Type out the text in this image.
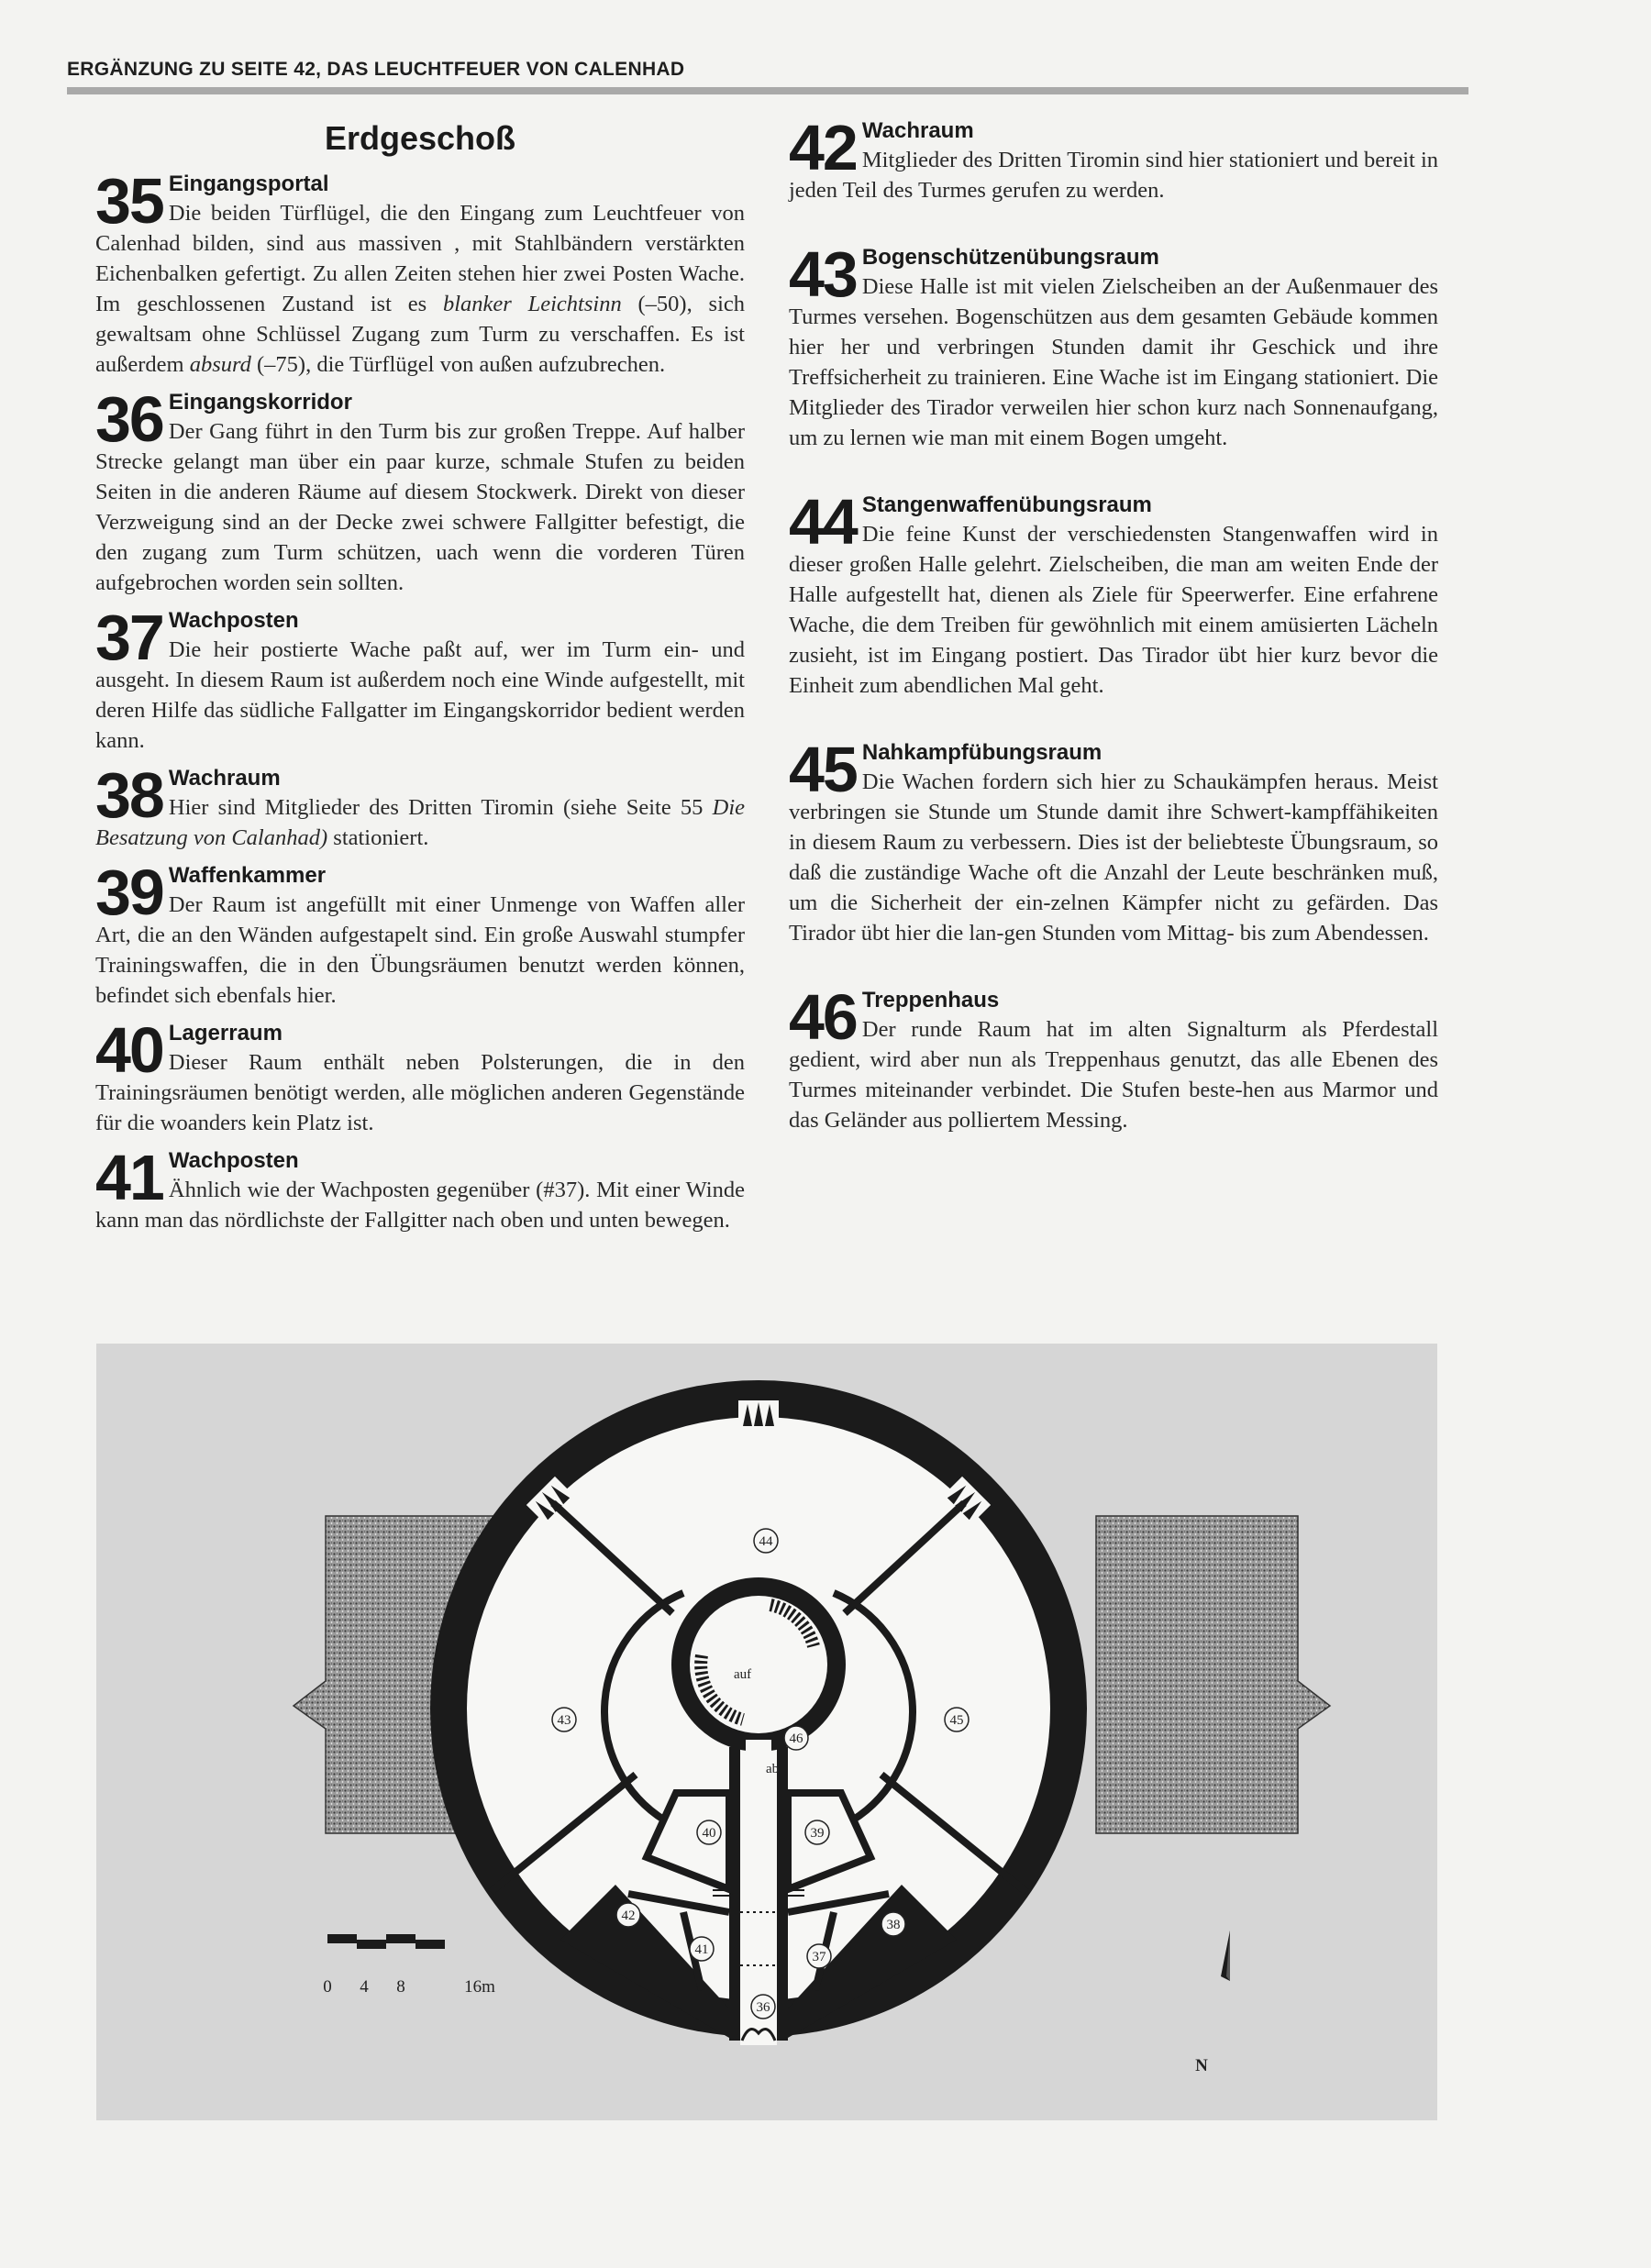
ERGÄNZUNG ZU SEITE 42, DAS LEUCHTFEUER VON CALENHAD
Erdgeschoß
35 Eingangsportal

Die beiden Türflügel, die den Eingang zum Leuchtfeuer von Calenhad bilden, sind aus massiven , mit Stahlbändern verstärkten Eichenbalken gefertigt. Zu allen Zeiten stehen hier zwei Posten Wache. Im geschlossenen Zustand ist es blanker Leichtsinn (–50), sich gewaltsam ohne Schlüssel Zugang zum Turm zu verschaffen. Es ist außerdem absurd (–75), die Türflügel von außen aufzubrechen.

36 Eingangskorridor

Der Gang führt in den Turm bis zur großen Treppe. Auf halber Strecke gelangt man über ein paar kurze, schmale Stufen zu beiden Seiten in die anderen Räume auf diesem Stockwerk. Direkt von dieser Verzweigung sind an der Decke zwei schwere Fallgitter befestigt, die den zugang zum Turm schützen, uach wenn die vorderen Türen aufgebrochen worden sein sollten.

37 Wachposten

Die heir postierte Wache paßt auf, wer im Turm ein- und ausgeht. In diesem Raum ist außerdem noch eine Winde aufgestellt, mit deren Hilfe das südliche Fallgatter im Eingangskorridor bedient werden kann.

38 Wachraum

Hier sind Mitglieder des Dritten Tiromin (siehe Seite 55 Die Besatzung von Calanhad) stationiert.

39 Waffenkammer

Der Raum ist angefüllt mit einer Unmenge von Waffen aller Art, die an den Wänden aufgestapelt sind. Ein große Auswahl stumpfer Trainingswaffen, die in den Übungsräumen benutzt werden können, befindet sich ebenfals hier.

40 Lagerraum

Dieser Raum enthält neben Polsterungen, die in den Trainingsräumen benötigt werden, alle möglichen anderen Gegenstände für die woanders kein Platz ist.

41 Wachposten

Ähnlich wie der Wachposten gegenüber (#37). Mit einer Winde kann man das nördlichste der Fallgitter nach oben und unten bewegen.

42 Wachraum

Mitglieder des Dritten Tiromin sind hier stationiert und bereit in jeden Teil des Turmes gerufen zu werden.

43 Bogenschützenübungsraum

Diese Halle ist mit vielen Zielscheiben an der Außenmauer des Turmes versehen. Bogenschützen aus dem gesamten Gebäude kommen hier her und verbringen Stunden damit ihr Geschick und ihre Treffsicherheit zu trainieren. Eine Wache ist im Eingang stationiert. Die Mitglieder des Tirador verweilen hier schon kurz nach Sonnenaufgang, um zu lernen wie man mit einem Bogen umgeht.

44 Stangenwaffenübungsraum

Die feine Kunst der verschiedensten Stangenwaffen wird in dieser großen Halle gelehrt. Zielscheiben, die man am weiten Ende der Halle aufgestellt hat, dienen als Ziele für Speerwerfer. Eine erfahrene Wache, die dem Treiben für gewöhnlich mit einem amüsierten Lächeln zusieht, ist im Eingang postiert. Das Tirador übt hier kurz bevor die Einheit zum abendlichen Mal geht.

45 Nahkampfübungsraum

Die Wachen fordern sich hier zu Schaukämpfen heraus. Meist verbringen sie Stunde um Stunde damit ihre Schwert-kampffähikeiten in diesem Raum zu verbessern. Dies ist der beliebteste Übungsraum, so daß die zuständige Wache oft die Anzahl der Leute beschränken muß, um die Sicherheit der ein-zelnen Kämpfer nicht zu gefärden. Das Tirador übt hier die lan-gen Stunden vom Mittag- bis zum Abendessen.

46 Treppenhaus

Der runde Raum hat im alten Signalturm als Pferdestall gedient, wird aber nun als Treppenhaus genutzt, das alle Ebenen des Turmes miteinander verbindet. Die Stufen beste-hen aus Marmor und das Geländer aus polliertem Messing.

44
43	45
46
40	39
42
38
41	37
36
auf
ab
0 4 8	16m
N
